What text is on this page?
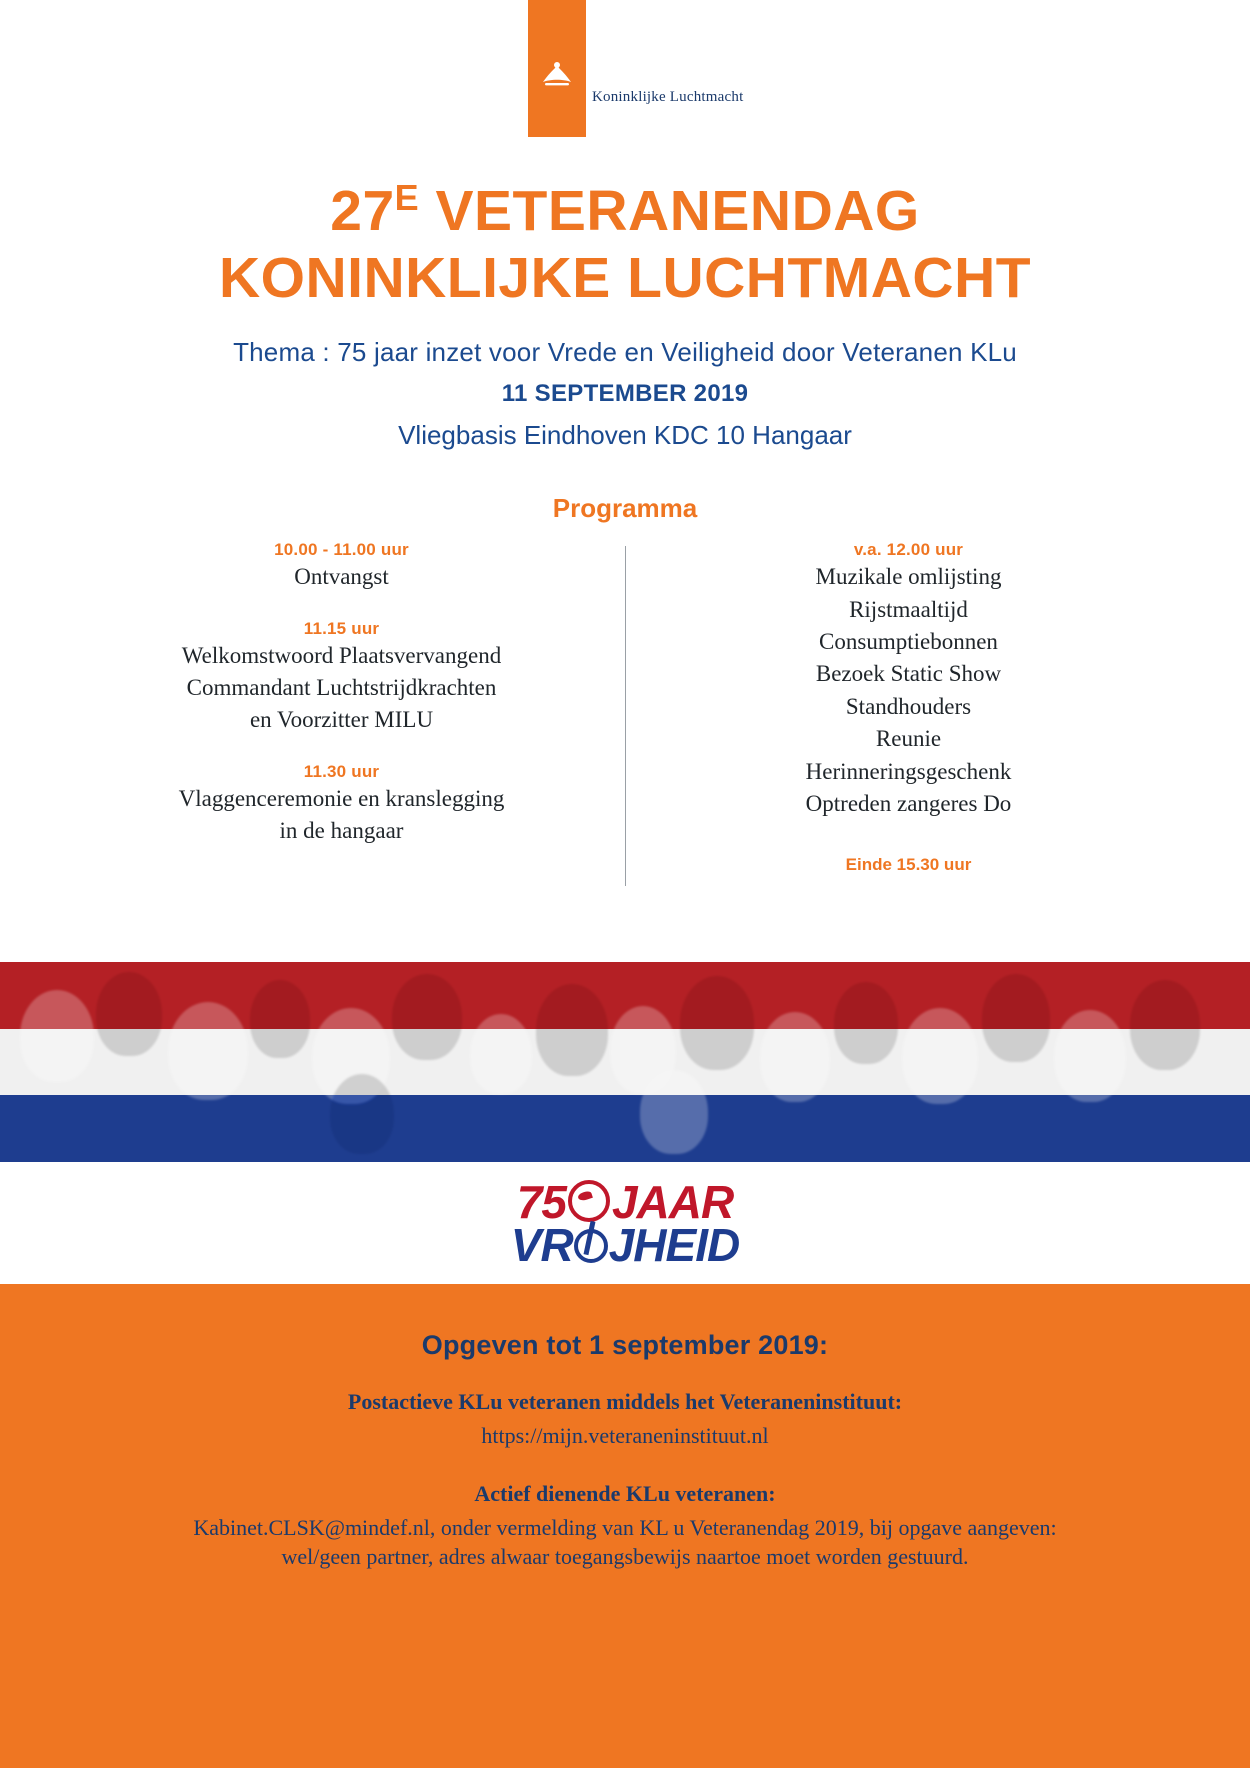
Koninklijke Luchtmacht
$27^E$ VETERANENDAG
KONINKLIJKE LUCHTMACHT
Thema : 75 jaar inzet voor Vrede en Veiligheid door Veteranen KLu
11 SEPTEMBER 2019
Vliegbasis Eindhoven KDC 10 Hangaar
Programma
10.00 - 11.00 uur
Ontvangst
11.15 uur
Welkomstwoord Plaatsvervangend
Commandant Luchtstrijdkrachten
en Voorzitter MILU
11.30 uur
Vlaggenceremonie en kranslegging
in de hangaar
v.a. 12.00 uur
Muzikale omlijsting
Rijstmaaltijd
Consumptiebonnen
Bezoek Static Show
Standhouders
Reunie
Herinneringsgeschenk
Optreden zangeres Do
Einde 15.30 uur
75 JAAR
VR JHEID
Opgeven tot 1 september 2019:
Postactieve KLu veteranen middels het Veteraneninstituut:
https://mijn.veteraneninstituut.nl
Actief dienende KLu veteranen:
Kabinet.CLSK@mindef.nl, onder vermelding van KL u Veteranendag 2019, bij opgave aangeven:
wel/geen partner, adres alwaar toegangsbewijs naartoe moet worden gestuurd.
